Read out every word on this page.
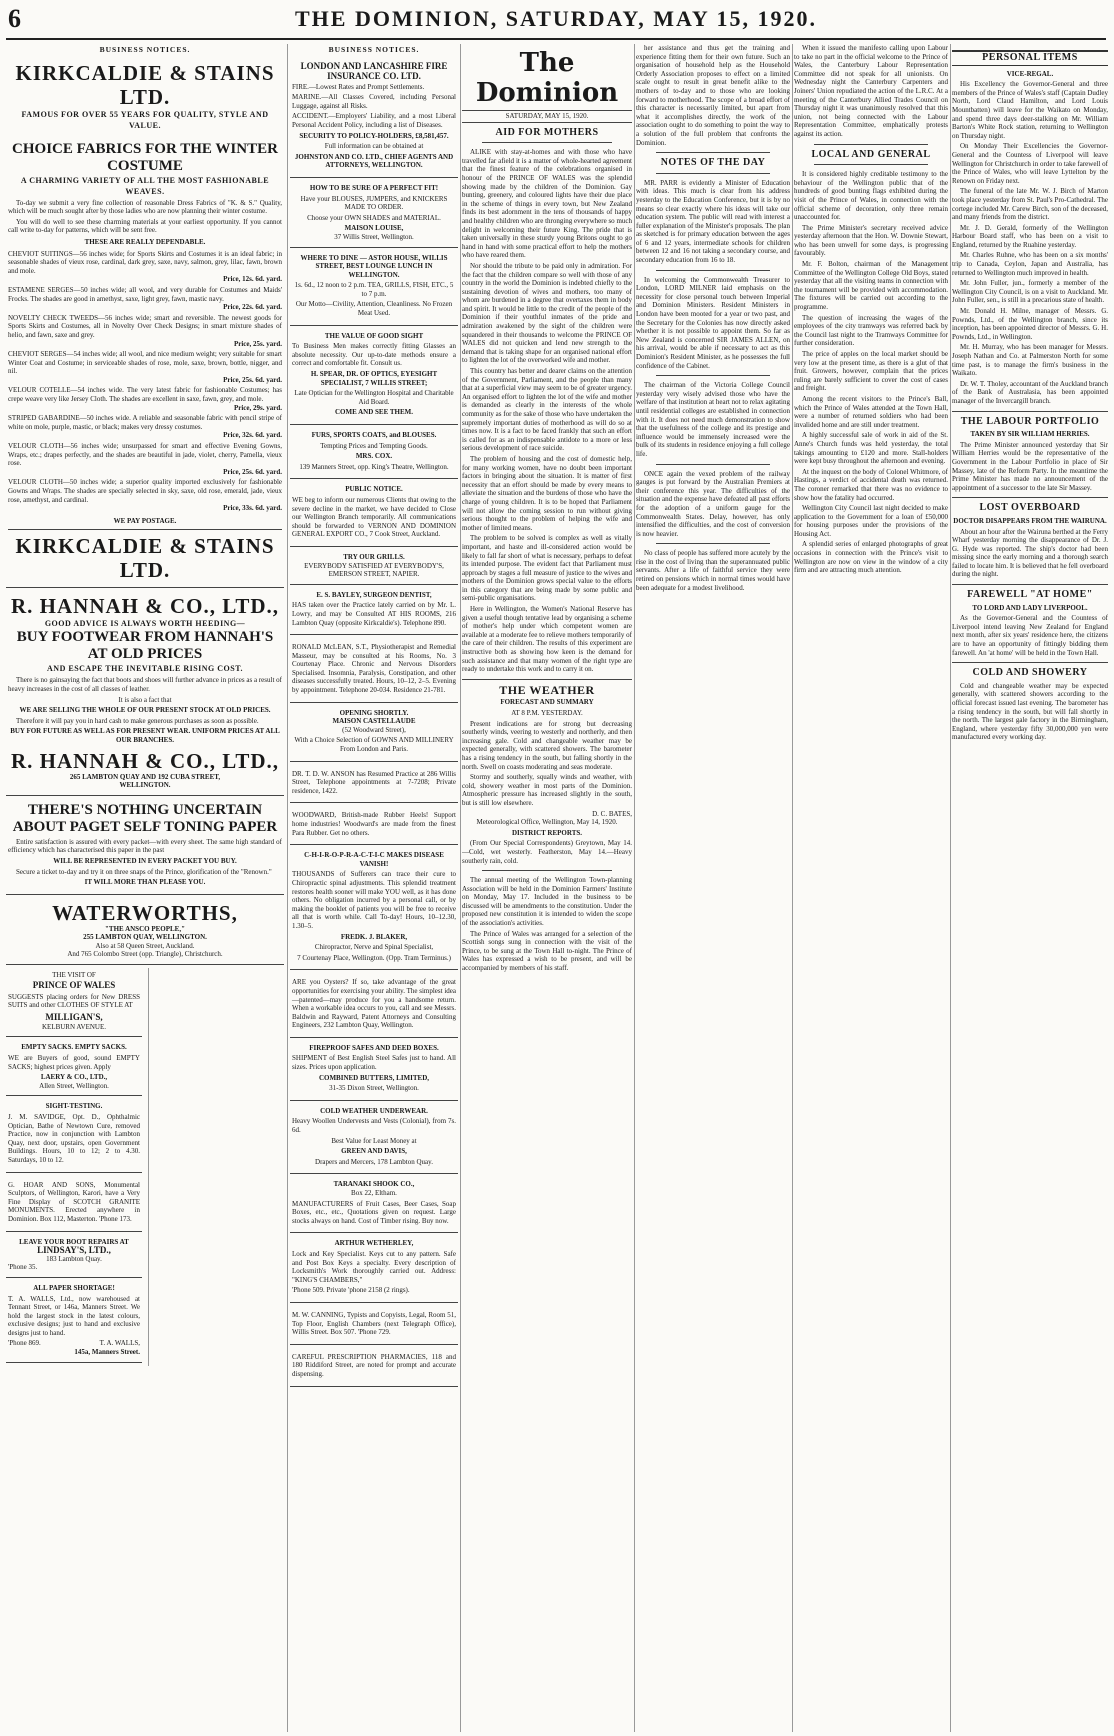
6	THE DOMINION, SATURDAY, MAY 15, 1920.
BUSINESS NOTICES.
KIRKCALDIE & STAINS LTD.
FAMOUS FOR OVER 55 YEARS FOR QUALITY, STYLE AND VALUE.
CHOICE FABRICS FOR THE WINTER COSTUME
A CHARMING VARIETY OF ALL THE MOST FASHIONABLE WEAVES.

To-day we submit a very fine collection of reasonable Dress Fabrics of "K. & S." Quality, which will be much sought after by those ladies who are now planning their winter costume.

You will do well to see these charming materials at your earliest opportunity. If you cannot call write to-day for patterns, which will be sent free.

THESE ARE REALLY DEPENDABLE.

CHEVIOT SUITINGS—56 inches wide; for Sports Skirts and Costumes it is an ideal fabric; in seasonable shades of vieux rose, cardinal, dark grey, saxe, navy, salmon, grey, lilac, fawn, brown and mole.
Price, 12s. 6d. yard.

ESTAMENE SERGES—50 inches wide; all wool, and very durable for Costumes and Maids' Frocks. The shades are good in amethyst, saxe, light grey, fawn, mastic navy.
Price, 22s. 6d. yard.

NOVELTY CHECK TWEEDS—56 inches wide; smart and reversible. The newest goods for Sports Skirts and Costumes, all in Novelty Over Check Designs; in smart mixture shades of helio, and fawn, saxe and grey.
Price, 25s. yard.

CHEVIOT SERGES—54 inches wide; all wool, and nice medium weight; very suitable for smart Winter Coat and Costume; in serviceable shades of rose, mole, saxe, brown, bottle, nigger, and nil.
Price, 25s. 6d. yard.

VELOUR COTELLE—54 inches wide. The very latest fabric for fashionable Costumes; has crepe weave very like Jersey Cloth. The shades are excellent in saxe, fawn, grey, and mole.
Price, 29s. yard.

STRIPED GABARDINE—50 inches wide. A reliable and seasonable fabric with pencil stripe of white on mole, purple, mastic, or black; makes very dressy costumes.
Price, 32s. 6d. yard.

VELOUR CLOTH—56 inches wide; unsurpassed for smart and effective Evening Gowns, Wraps, etc.; drapes perfectly, and the shades are beautiful in jade, violet, cherry, Pamella, vieux rose.
Price, 25s. 6d. yard.

VELOUR CLOTH—50 inches wide; a superior quality imported exclusively for fashionable Gowns and Wraps. The shades are specially selected in sky, saxe, old rose, emerald, jade, vieux rose, amethyst, and cardinal.
Price, 33s. 6d. yard.

WE PAY POSTAGE.
KIRKCALDIE & STAINS LTD.
R. HANNAH & CO., LTD.,
GOOD ADVICE IS ALWAYS WORTH HEEDING—
BUY FOOTWEAR FROM HANNAH'S AT OLD PRICES
AND ESCAPE THE INEVITABLE RISING COST.

There is no gainsaying the fact that boots and shoes will further advance in prices as a result of heavy increases in the cost of all classes of leather.

It is also a fact that

WE ARE SELLING THE WHOLE OF OUR PRESENT STOCK AT OLD PRICES.

Therefore it will pay you in hard cash to make generous purchases as soon as possible.

BUY FOR FUTURE AS WELL AS FOR PRESENT WEAR. UNIFORM PRICES AT ALL OUR BRANCHES.

R. HANNAH & CO., LTD.,
265 LAMBTON QUAY AND 192 CUBA STREET,
WELLINGTON.
THERE'S NOTHING UNCERTAIN ABOUT PAGET SELF TONING PAPER

Entire satisfaction is assured with every packet—with every sheet. The same high standard of efficiency which has characterised this paper in the past

WILL BE REPRESENTED IN EVERY PACKET YOU BUY.

Secure a ticket to-day and try it on three snaps of the Prince, glorification of the "Renown."

IT WILL MORE THAN PLEASE YOU.

WATERWORTHS,
"THE ANSCO PEOPLE,"
255 LAMBTON QUAY, WELLINGTON.
Also at 58 Queen Street, Auckland.
And 765 Colombo Street (opp. Triangle), Christchurch.
THE VISIT OF
PRINCE OF WALES

SUGGESTS placing orders for New DRESS SUITS and other CLOTHES OF STYLE AT

MILLIGAN'S,
KELBURN AVENUE.
EMPTY SACKS. EMPTY SACKS.

WE are Buyers of good, sound EMPTY SACKS; highest prices given. Apply

LAERY & CO., LTD.,
Allen Street, Wellington.
SIGHT-TESTING.

J. M. SAVIDGE, Opt. D., Ophthalmic Optician, Bathe of Newtown Cure, removed Practice, now in conjunction with Lambton Quay, next door, upstairs, open Government Buildings. Hours, 10 to 12; 2 to 4.30. Saturdays, 10 to 12.

G. HOAR AND SONS, Monumental Sculptors, of Wellington, Karori, have a Very Fine Display of SCOTCH GRANITE MONUMENTS. Erected anywhere in Dominion. Box 112, Masterton. 'Phone 173.

LEAVE YOUR BOOT REPAIRS AT
LINDSAY'S, LTD.,
183 Lambton Quay.
'Phone 35.
ALL PAPER SHORTAGE!

T. A. WALLS, Ltd., now warehoused at Tennant Street, or 146a, Manners Street. We hold the largest stock in the latest colours, exclusive designs; just to hand and exclusive designs just to hand.

'Phone 869.	T. A. WALLS,
145a, Manners Street.
BUSINESS NOTICES.
LONDON AND LANCASHIRE FIRE INSURANCE CO. LTD.

FIRE.—Lowest Rates and Prompt Settlements.

MARINE.—All Classes Covered, including Personal Luggage, against all Risks.

ACCIDENT.—Employers' Liability, and a most Liberal Personal Accident Policy, including a list of Diseases.

SECURITY TO POLICY-HOLDERS, £8,581,457.

Full information can be obtained at

JOHNSTON AND CO. LTD., CHIEF AGENTS AND ATTORNEYS, WELLINGTON.

HOW TO BE SURE OF A PERFECT FIT!

Have your BLOUSES, JUMPERS, and KNICKERS MADE TO ORDER.

Choose your OWN SHADES and MATERIAL.

MAISON LOUISE,
37 Willis Street, Wellington.
WHERE TO DINE — ASTOR HOUSE, WILLIS STREET, BEST LOUNGE LUNCH IN WELLINGTON.

1s. 6d., 12 noon to 2 p.m. TEA, GRILLS, FISH, ETC., 5 to 7 p.m.

Our Motto—Civility, Attention, Cleanliness. No Frozen Meat Used.

THE VALUE OF GOOD SIGHT

To Business Men makes correctly fitting Glasses an absolute necessity. Our up-to-date methods ensure a correct and comfortable fit. Consult us.

H. SPEAR, DR. OF OPTICS, EYESIGHT SPECIALIST, 7 WILLIS STREET;

Late Optician for the Wellington Hospital and Charitable Aid Board.

COME AND SEE THEM.

FURS, SPORTS COATS, and BLOUSES.

Tempting Prices and Tempting Goods.

MRS. COX.

139 Manners Street, opp. King's Theatre, Wellington.

PUBLIC NOTICE.

WE beg to inform our numerous Clients that owing to the severe decline in the market, we have decided to Close our Wellington Branch temporarily. All communications should be forwarded to VERNON AND DOMINION GENERAL EXPORT CO., 7 Cook Street, Auckland.

TRY OUR GRILLS.
EVERYBODY SATISFIED AT EVERYBODY'S,
EMERSON STREET, NAPIER.
E. S. BAYLEY, SURGEON DENTIST,

HAS taken over the Practice lately carried on by Mr. L. Lowry, and may be Consulted AT HIS ROOMS, 216 Lambton Quay (opposite Kirkcaldie's). Telephone 890.

RONALD McLEAN, S.T., Physiotherapist and Remedial Masseur, may be consulted at his Rooms, No. 3 Courtenay Place. Chronic and Nervous Disorders Specialised. Insomnia, Paralysis, Constipation, and other diseases successfully treated. Hours, 10–12, 2–5. Evening by appointment. Telephone 20-034. Residence 21-781.

OPENING SHORTLY.
MAISON CASTELLAUDE
(52 Woodward Street),

With a Choice Selection of GOWNS AND MILLINERY From London and Paris.

DR. T. D. W. ANSON has Resumed Practice at 286 Willis Street, Telephone appointments at 7-7208; Private residence, 1422.

WOODWARD, British-made Rubber Heels! Support home industries! Woodward's are made from the finest Para Rubber. Get no others.

C-H-I-R-O-P-R-A-C-T-I-C MAKES DISEASE VANISH!

THOUSANDS of Sufferers can trace their cure to Chiropractic spinal adjustments. This splendid treatment restores health sooner will make YOU well, as it has done others. No obligation incurred by a personal call, or by making the booklet of patients you will be free to receive all that is worth while. Call To-day! Hours, 10–12.30, 1.30–5.

FREDK. J. BLAKER,

Chiropractor, Nerve and Spinal Specialist,

7 Courtenay Place, Wellington. (Opp. Tram Terminus.)

ARE you Oysters? If so, take advantage of the great opportunities for exercising your ability. The simplest idea—patented—may produce for you a handsome return. When a workable idea occurs to you, call and see Messrs. Baldwin and Rayward, Patent Attorneys and Consulting Engineers, 232 Lambton Quay, Wellington.

FIREPROOF SAFES AND DEED BOXES.

SHIPMENT of Best English Steel Safes just to hand. All sizes. Prices upon application.

COMBINED BUTTERS, LIMITED,

31-35 Dixon Street, Wellington.

COLD WEATHER UNDERWEAR.

Heavy Woollen Undervests and Vests (Colonial), from 7s. 6d.

Best Value for Least Money at

GREEN AND DAVIS,

Drapers and Mercers, 178 Lambton Quay.

TARANAKI SHOOK CO.,
Box 22, Eltham.

MANUFACTURERS of Fruit Cases, Beer Cases, Soap Boxes, etc., etc., Quotations given on request. Large stocks always on hand. Cost of Timber rising. Buy now.

ARTHUR WETHERLEY,

Lock and Key Specialist. Keys cut to any pattern. Safe and Post Box Keys a specialty. Every description of Locksmith's Work thoroughly carried out. Address: "KING'S CHAMBERS,"

'Phone 509. Private 'phone 2158 (2 rings).

M. W. CANNING, Typists and Copyists, Legal, Room 51, Top Floor, English Chambers (next Telegraph Office), Willis Street. Box 507. 'Phone 729.

CAREFUL PRESCRIPTION PHARMACIES, 118 and 180 Riddiford Street, are noted for prompt and accurate dispensing.

The Dominion
SATURDAY, MAY 15, 1920.
AID FOR MOTHERS

ALIKE with stay-at-homes and with those who have travelled far afield it is a matter of whole-hearted agreement that the finest feature of the celebrations organised in honour of the PRINCE OF WALES was the splendid showing made by the children of the Dominion. Gay bunting, greenery, and coloured lights have their due place in the scheme of things in every town, but New Zealand finds its best adornment in the tens of thousands of happy and healthy children who are thronging everywhere so much delight in welcoming their future King. The pride that is taken universally in these sturdy young Britons ought to go hand in hand with some practical effort to help the mothers who have reared them.

Nor should the tribute to be paid only in admiration. For the fact that the children compare so well with those of any country in the world the Dominion is indebted chiefly to the sustaining devotion of wives and mothers, too many of whom are burdened in a degree that overtaxes them in body and spirit. It would be little to the credit of the people of the Dominion if their youthful inmates of the pride and admiration awakened by the sight of the children were squandered in their thousands to welcome the PRINCE OF WALES did not quicken and lend new strength to the demand that is taking shape for an organised national effort to lighten the lot of the overworked wife and mother.

This country has better and dearer claims on the attention of the Government, Parliament, and the people than many that at a superficial view may seem to be of greater urgency. An organised effort to lighten the lot of the wife and mother is demanded as clearly in the interests of the whole community as for the sake of those who have undertaken the supremely important duties of motherhood as will do so at times now. It is a fact to be faced frankly that such an effort is called for as an indispensable antidote to a more or less serious development of race suicide.

The problem of housing and the cost of domestic help, for many working women, have no doubt been important factors in bringing about the situation. It is matter of first necessity that an effort should be made by every means to alleviate the situation and the burdens of those who have the charge of young children. It is to be hoped that Parliament will not allow the coming session to run without giving serious thought to the problem of helping the wife and mother of limited means.

The problem to be solved is complex as well as vitally important, and haste and ill-considered action would be likely to fall far short of what is necessary, perhaps to defeat its intended purpose. The evident fact that Parliament must approach by stages a full measure of justice to the wives and mothers of the Dominion grows special value to the efforts in this category that are being made by some public and semi-public organisations.

Here in Wellington, the Women's National Reserve has given a useful though tentative lead by organising a scheme of mother's help under which competent women are available at a moderate fee to relieve mothers temporarily of the care of their children. The results of this experiment are instructive both as showing how keen is the demand for such assistance and that many women of the right type are ready to undertake this work and to carry it on.

THE WEATHER
FORECAST AND SUMMARY
AT 8 P.M. YESTERDAY.

Present indications are for strong but decreasing southerly winds, veering to westerly and northerly, and then increasing gale. Cold and changeable weather may be expected generally, with scattered showers. The barometer has a rising tendency in the south, but falling shortly in the north. Swell on coasts moderating and seas moderate.

Stormy and southerly, squally winds and weather, with cold, showery weather in most parts of the Dominion. Atmospheric pressure has increased slightly in the south, but is still low elsewhere.

D. C. BATES,

Meteorological Office, Wellington, May 14, 1920.

DISTRICT REPORTS.

(From Our Special Correspondents) Greytown, May 14.—Cold, wet westerly. Featherston, May 14.—Heavy southerly rain, cold.

The annual meeting of the Wellington Town-planning Association will be held in the Dominion Farmers' Institute on Monday, May 17. Included in the business to be discussed will be amendments to the constitution. Under the proposed new constitution it is intended to widen the scope of the association's activities.

The Prince of Wales was arranged for a selection of the Scottish songs sung in connection with the visit of the Prince, to be sung at the Town Hall to-night. The Prince of Wales has expressed a wish to be present, and will be accompanied by members of his staff.

her assistance and thus get the training and experience fitting them for their own future. Such an organisation of household help as the Household Orderly Association proposes to effect on a limited scale ought to result in great benefit alike to the mothers of to-day and to those who are looking forward to motherhood. The scope of a broad effort of this character is necessarily limited, but apart from what it accomplishes directly, the work of the association ought to do something to point the way to a solution of the full problem that confronts the Dominion.

NOTES OF THE DAY

MR. PARR is evidently a Minister of Education with ideas. This much is clear from his address yesterday to the Education Conference, but it is by no means so clear exactly where his ideas will take our education system. The public will read with interest a fuller explanation of the Minister's proposals. The plan as sketched is for primary education between the ages of 6 and 12 years, intermediate schools for children between 12 and 16 not taking a secondary course, and secondary education from 16 to 18.

In welcoming the Commonwealth Treasurer to London, LORD MILNER laid emphasis on the necessity for close personal touch between Imperial and Dominion Ministers. Resident Ministers in London have been mooted for a year or two past, and the Secretary for the Colonies has now directly asked whether it is not possible to appoint them. So far as New Zealand is concerned SIR JAMES ALLEN, on his arrival, would be able if necessary to act as this Dominion's Resident Minister, as he possesses the full confidence of the Cabinet.

The chairman of the Victoria College Council yesterday very wisely advised those who have the welfare of that institution at heart not to relax agitating until residential colleges are established in connection with it. It does not need much demonstration to show that the usefulness of the college and its prestige and influence would be immensely increased were the bulk of its students in residence enjoying a full college life.

ONCE again the vexed problem of the railway gauges is put forward by the Australian Premiers at their conference this year. The difficulties of the situation and the expense have defeated all past efforts for the adoption of a uniform gauge for the Commonwealth States. Delay, however, has only intensified the difficulties, and the cost of conversion is now heavier.

No class of people has suffered more acutely by the rise in the cost of living than the superannuated public servants. After a life of faithful service they were retired on pensions which in normal times would have been adequate for a modest livelihood.

When it issued the manifesto calling upon Labour to take no part in the official welcome to the Prince of Wales, the Canterbury Labour Representation Committee did not speak for all unionists. On Wednesday night the Canterbury Carpenters and Joiners' Union repudiated the action of the L.R.C. At a meeting of the Canterbury Allied Trades Council on Thursday night it was unanimously resolved that this union, not being connected with the Labour Representation Committee, emphatically protests against its action.

LOCAL AND GENERAL

It is considered highly creditable testimony to the behaviour of the Wellington public that of the hundreds of good bunting flags exhibited during the visit of the Prince of Wales, in connection with the official scheme of decoration, only three remain unaccounted for.

The Prime Minister's secretary received advice yesterday afternoon that the Hon. W. Downie Stewart, who has been unwell for some days, is progressing favourably.

Mr. F. Bolton, chairman of the Management Committee of the Wellington College Old Boys, stated yesterday that all the visiting teams in connection with the tournament will be provided with accommodation. The fixtures will be carried out according to the programme.

The question of increasing the wages of the employees of the city tramways was referred back by the Council last night to the Tramways Committee for further consideration.

The price of apples on the local market should be very low at the present time, as there is a glut of that fruit. Growers, however, complain that the prices ruling are barely sufficient to cover the cost of cases and freight.

Among the recent visitors to the Prince's Ball, which the Prince of Wales attended at the Town Hall, were a number of returned soldiers who had been invalided home and are still under treatment.

A highly successful sale of work in aid of the St. Anne's Church funds was held yesterday, the total takings amounting to £120 and more. Stall-holders were kept busy throughout the afternoon and evening.

At the inquest on the body of Colonel Whitmore, of Hastings, a verdict of accidental death was returned. The coroner remarked that there was no evidence to show how the fatality had occurred.

Wellington City Council last night decided to make application to the Government for a loan of £50,000 for housing purposes under the provisions of the Housing Act.

A splendid series of enlarged photographs of great occasions in connection with the Prince's visit to Wellington are now on view in the window of a city firm and are attracting much attention.

PERSONAL ITEMS
VICE-REGAL.

His Excellency the Governor-General and three members of the Prince of Wales's staff (Captain Dudley North, Lord Claud Hamilton, and Lord Louis Mountbatten) will leave for the Waikato on Monday, and spend three days deer-stalking on Mr. William Barton's White Rock station, returning to Wellington on Thursday night.

On Monday Their Excellencies the Governor-General and the Countess of Liverpool will leave Wellington for Christchurch in order to take farewell of the Prince of Wales, who will leave Lyttelton by the Renown on Friday next.

The funeral of the late Mr. W. J. Birch of Marton took place yesterday from St. Paul's Pro-Cathedral. The cortege included Mr. Carew Birch, son of the deceased, and many friends from the district.

Mr. J. D. Gerald, formerly of the Wellington Harbour Board staff, who has been on a visit to England, returned by the Ruahine yesterday.

Mr. Charles Ruhne, who has been on a six months' trip to Canada, Ceylon, Japan and Australia, has returned to Wellington much improved in health.

Mr. John Fuller, jun., formerly a member of the Wellington City Council, is on a visit to Auckland. Mr. John Fuller, sen., is still in a precarious state of health.

Mr. Donald H. Milne, manager of Messrs. G. Pownds, Ltd., of the Wellington branch, since its inception, has been appointed director of Messrs. G. H. Pownds, Ltd., in Wellington.

Mr. H. Murray, who has been manager for Messrs. Joseph Nathan and Co. at Palmerston North for some time past, is to manage the firm's business in the Waikato.

Dr. W. T. Tholey, accountant of the Auckland branch of the Bank of Australasia, has been appointed manager of the Invercargill branch.

THE LABOUR PORTFOLIO
TAKEN BY SIR WILLIAM HERRIES.

The Prime Minister announced yesterday that Sir William Herries would be the representative of the Government in the Labour Portfolio in place of Sir Massey, late of the Reform Party. In the meantime the Prime Minister has made no announcement of the appointment of a successor to the late Sir Massey.

LOST OVERBOARD
DOCTOR DISAPPEARS FROM THE WAIRUNA.

About an hour after the Wairuna berthed at the Ferry Wharf yesterday morning the disappearance of Dr. J. G. Hyde was reported. The ship's doctor had been missing since the early morning and a thorough search failed to locate him. It is believed that he fell overboard during the night.

FAREWELL "AT HOME"
TO LORD AND LADY LIVERPOOL.

As the Governor-General and the Countess of Liverpool intend leaving New Zealand for England next month, after six years' residence here, the citizens are to have an opportunity of fittingly bidding them farewell. An 'at home' will be held in the Town Hall.

COLD AND SHOWERY

Cold and changeable weather may be expected generally, with scattered showers according to the official forecast issued last evening. The barometer has a rising tendency in the south, but will fall shortly in the north. The largest gale factory in the Birmingham, England, where yesterday fifty 30,000,000 yen were manufactured every working day.
